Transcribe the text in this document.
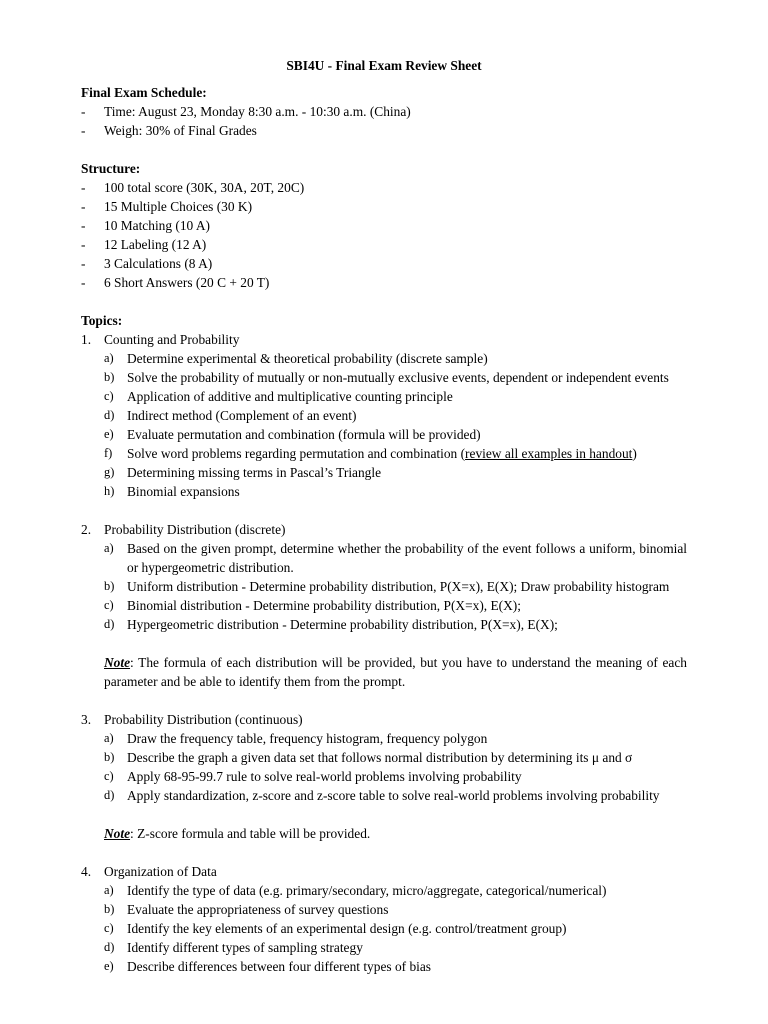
SBI4U - Final Exam Review Sheet
Final Exam Schedule:
- Time: August 23, Monday 8:30 a.m. - 10:30 a.m. (China)
- Weigh: 30% of Final Grades
Structure:
- 100 total score (30K, 30A, 20T, 20C)
- 15 Multiple Choices (30 K)
- 10 Matching (10 A)
- 12 Labeling (12 A)
- 3 Calculations (8 A)
- 6 Short Answers (20 C + 20 T)
Topics:
1. Counting and Probability
a) Determine experimental & theoretical probability (discrete sample)
b) Solve the probability of mutually or non-mutually exclusive events, dependent or independent events
c) Application of additive and multiplicative counting principle
d) Indirect method (Complement of an event)
e) Evaluate permutation and combination (formula will be provided)
f) Solve word problems regarding permutation and combination (review all examples in handout)
g) Determining missing terms in Pascal’s Triangle
h) Binomial expansions
2. Probability Distribution (discrete)
a) Based on the given prompt, determine whether the probability of the event follows a uniform, binomial
or hypergeometric distribution.
b) Uniform distribution - Determine probability distribution, P(X=x), E(X); Draw probability histogram
c) Binomial distribution - Determine probability distribution, P(X=x), E(X);
d) Hypergeometric distribution - Determine probability distribution, P(X=x), E(X);
Note: The formula of each distribution will be provided, but you have to understand the meaning of each
parameter and be able to identify them from the prompt.
3. Probability Distribution (continuous)
a) Draw the frequency table, frequency histogram, frequency polygon
b) Describe the graph a given data set that follows normal distribution by determining its μ and σ
c) Apply 68-95-99.7 rule to solve real-world problems involving probability
d) Apply standardization, z-score and z-score table to solve real-world problems involving probability
Note: Z-score formula and table will be provided.
4. Organization of Data
a) Identify the type of data (e.g. primary/secondary, micro/aggregate, categorical/numerical)
b) Evaluate the appropriateness of survey questions
c) Identify the key elements of an experimental design (e.g. control/treatment group)
d) Identify different types of sampling strategy
e) Describe differences between four different types of bias
